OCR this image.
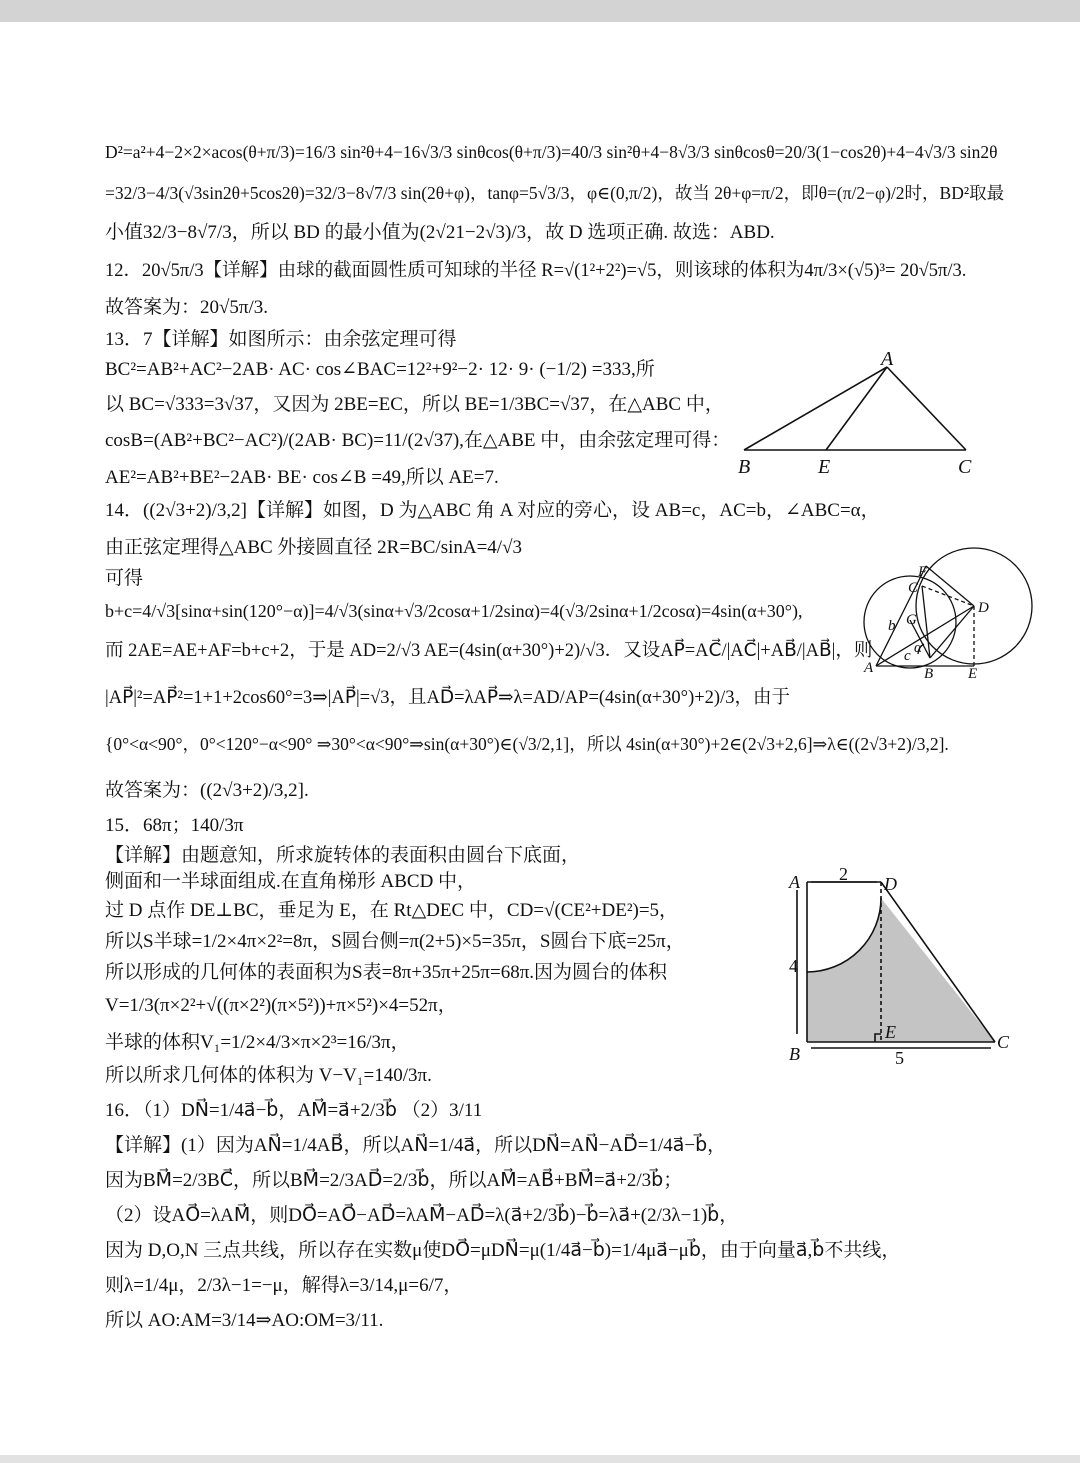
D²=a²+4−2×2×acos(θ+π/3)=16/3 sin²θ+4−16√3/3 sinθcos(θ+π/3)=40/3 sin²θ+4−8√3/3 sinθcosθ=20/3(1−cos2θ)+4−4√3/3 sin2θ
=32/3−4/3(√3sin2θ+5cos2θ)=32/3−8√7/3 sin(2θ+φ)，tanφ=5√3/3，φ∈(0,π/2)，故当 2θ+φ=π/2，即θ=(π/2−φ)/2时，BD²取最
小值32/3−8√7/3，所以 BD 的最小值为(2√21−2√3)/3，故 D 选项正确. 故选：ABD.
12．20√5π/3【详解】由球的截面圆性质可知球的半径 R=√(1²+2²)=√5，则该球的体积为4π/3×(√5)³= 20√5π/3.
故答案为：20√5π/3.
13．7【详解】如图所示：由余弦定理可得
BC²=AB²+AC²−2AB· AC· cos∠BAC=12²+9²−2· 12· 9· (−1/2) =333,所
以 BC=√333=3√37，又因为 2BE=EC，所以 BE=1/3BC=√37，在△ABC 中，
cosB=(AB²+BC²−AC²)/(2AB· BC)=11/(2√37),在△ABE 中，由余弦定理可得：
AE²=AB²+BE²−2AB· BE· cos∠B =49,所以 AE=7.
14．((2√3+2)/3,2]【详解】如图，D 为△ABC 角 A 对应的旁心，设 AB=c，AC=b，∠ABC=α，
由正弦定理得△ABC 外接圆直径 2R=BC/sinA=4/√3
可得
b+c=4/√3[sinα+sin(120°−α)]=4/√3(sinα+√3/2cosα+1/2sinα)=4(√3/2sinα+1/2cosα)=4sin(α+30°),
而 2AE=AE+AF=b+c+2，于是 AD=2/√3 AE=(4sin(α+30°)+2)/√3．又设AP⃗=AC⃗/|AC⃗|+AB⃗/|AB⃗|，则
|AP⃗|²=AP⃗²=1+1+2cos60°=3⇒|AP⃗|=√3，且AD⃗=λAP⃗⇒λ=AD/AP=(4sin(α+30°)+2)/3，由于
{0°<α<90°，0°<120°−α<90° ⇒30°<α<90°⇒sin(α+30°)∈(√3/2,1]，所以 4sin(α+30°)+2∈(2√3+2,6]⇒λ∈((2√3+2)/3,2].
故答案为：((2√3+2)/3,2].
15．68π；140/3π
【详解】由题意知，所求旋转体的表面积由圆台下底面，
侧面和一半球面组成.在直角梯形 ABCD 中，
过 D 点作 DE⊥BC，垂足为 E，在 Rt△DEC 中，CD=√(CE²+DE²)=5，
所以S半球=1/2×4π×2²=8π，S圆台侧=π(2+5)×5=35π，S圆台下底=25π，
所以形成的几何体的表面积为S表=8π+35π+25π=68π.因为圆台的体积
V=1/3(π×2²+√((π×2²)(π×5²))+π×5²)×4=52π，
半球的体积V₁=1/2×4/3×π×2³=16/3π，
所以所求几何体的体积为 V−V₁=140/3π.
16．（1）DN⃗=1/4a⃗−b⃗，AM⃗=a⃗+2/3b⃗ （2）3/11
【详解】(1）因为AN⃗=1/4AB⃗，所以AN⃗=1/4a⃗，所以DN⃗=AN⃗−AD⃗=1/4a⃗−b⃗，
因为BM⃗=2/3BC⃗，所以BM⃗=2/3AD⃗=2/3b⃗，所以AM⃗=AB⃗+BM⃗=a⃗+2/3b⃗；
（2）设AO⃗=λAM⃗，则DO⃗=AO⃗−AD⃗=λAM⃗−AD⃗=λ(a⃗+2/3b⃗)−b⃗=λa⃗+(2/3λ−1)b⃗，
因为 D,O,N 三点共线，所以存在实数μ使DO⃗=μDN⃗=μ(1/4a⃗−b⃗)=1/4μa⃗−μb⃗，由于向量a⃗,b⃗不共线，
则λ=1/4μ，2/3λ−1=−μ，解得λ=3/14,μ=6/7，
所以 AO:AM=3/14⇒AO:OM=3/11.
A
B	E	C
F
C
G
b
D
c α
A	B E
A	D
B
C
E
2
4
5
